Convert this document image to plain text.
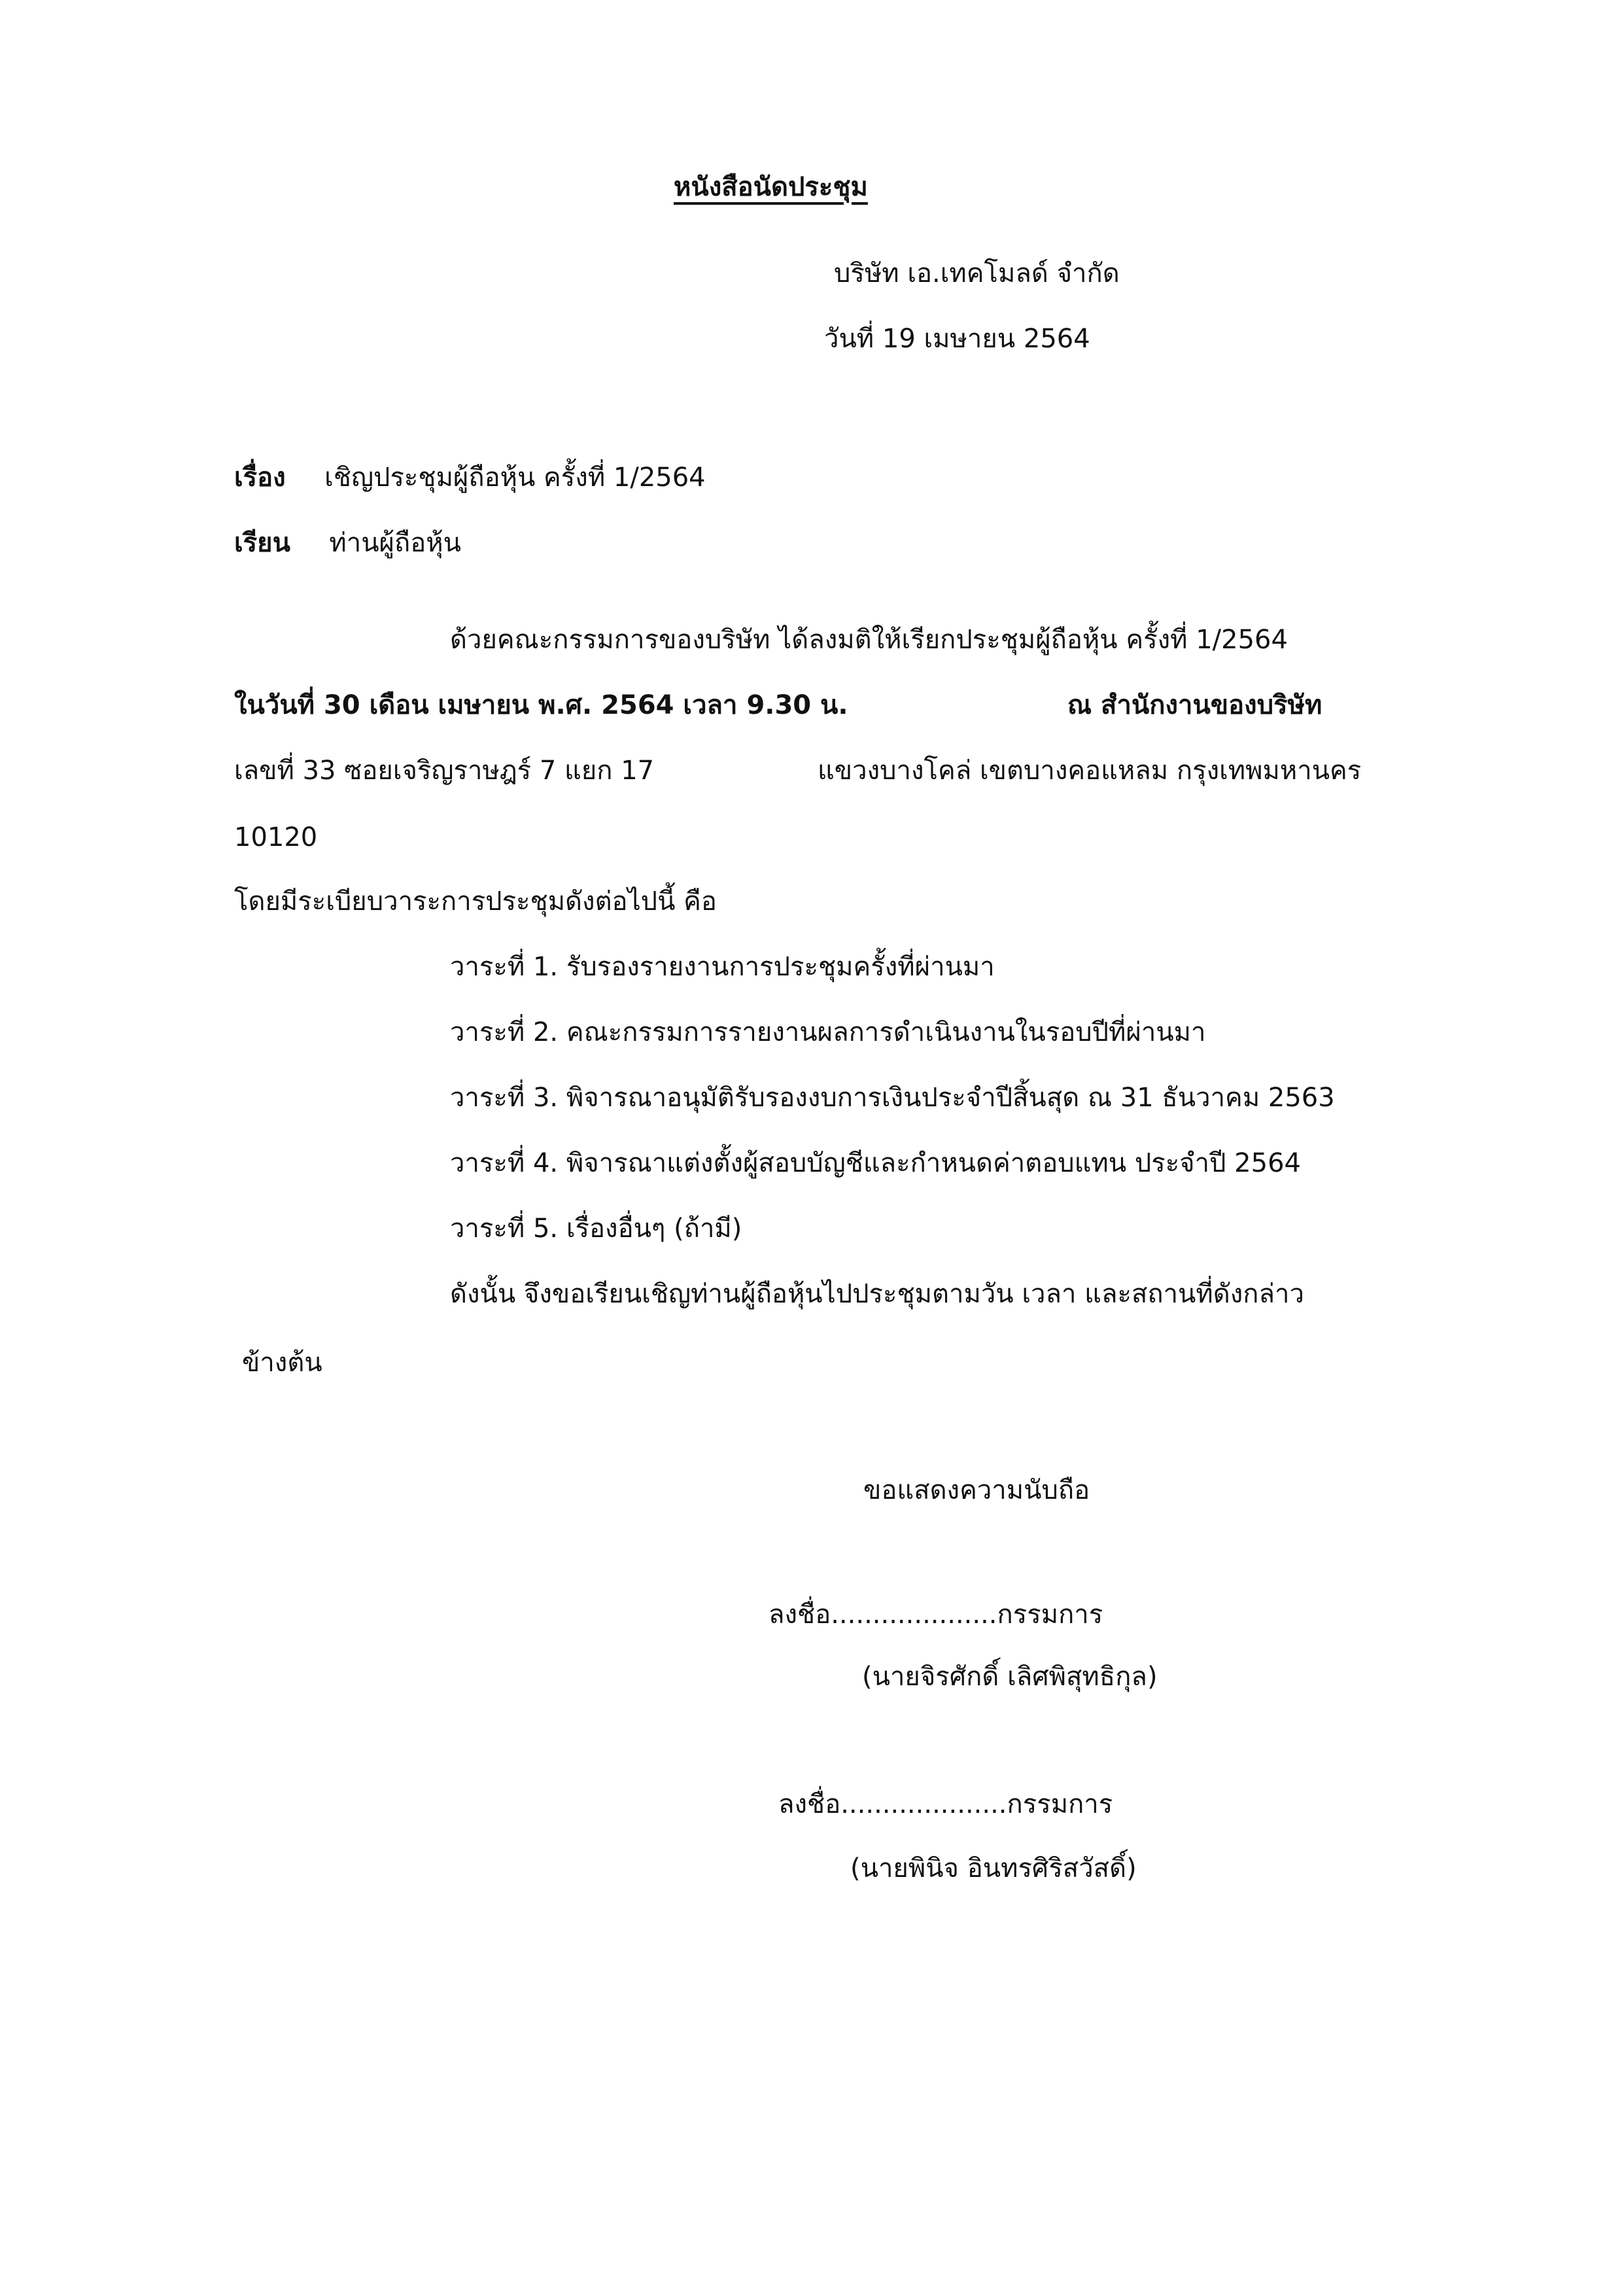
หนังสือนัดประชุม
บริษัท เอ.เทคโมลด์ จำกัด
วันที่ 19 เมษายน 2564
เรื่อง เชิญประชุมผู้ถือหุ้น ครั้งที่ 1/2564
เรียน ท่านผู้ถือหุ้น
ด้วยคณะกรรมการของบริษัท ได้ลงมติให้เรียกประชุมผู้ถือหุ้น ครั้งที่ 1/2564
ในวันที่ 30 เดือน เมษายน พ.ศ. 2564 เวลา 9.30 น.	ณ สำนักงานของบริษัท
เลขที่ 33 ซอยเจริญราษฎร์ 7 แยก 17	แขวงบางโคล่ เขตบางคอแหลม กรุงเทพมหานคร
10120
โดยมีระเบียบวาระการประชุมดังต่อไปนี้ คือ
วาระที่ 1. รับรองรายงานการประชุมครั้งที่ผ่านมา
วาระที่ 2. คณะกรรมการรายงานผลการดำเนินงานในรอบปีที่ผ่านมา
วาระที่ 3. พิจารณาอนุมัติรับรองงบการเงินประจำปีสิ้นสุด ณ 31 ธันวาคม 2563
วาระที่ 4. พิจารณาแต่งตั้งผู้สอบบัญชีและกำหนดค่าตอบแทน ประจำปี 2564
วาระที่ 5. เรื่องอื่นๆ (ถ้ามี)
ดังนั้น จึงขอเรียนเชิญท่านผู้ถือหุ้นไปประชุมตามวัน เวลา และสถานที่ดังกล่าว
ข้างต้น
ขอแสดงความนับถือ
ลงชื่อ....................กรรมการ
(นายจิรศักดิ์ เลิศพิสุทธิกุล)
ลงชื่อ....................กรรมการ
(นายพินิจ อินทรศิริสวัสดิ์)
